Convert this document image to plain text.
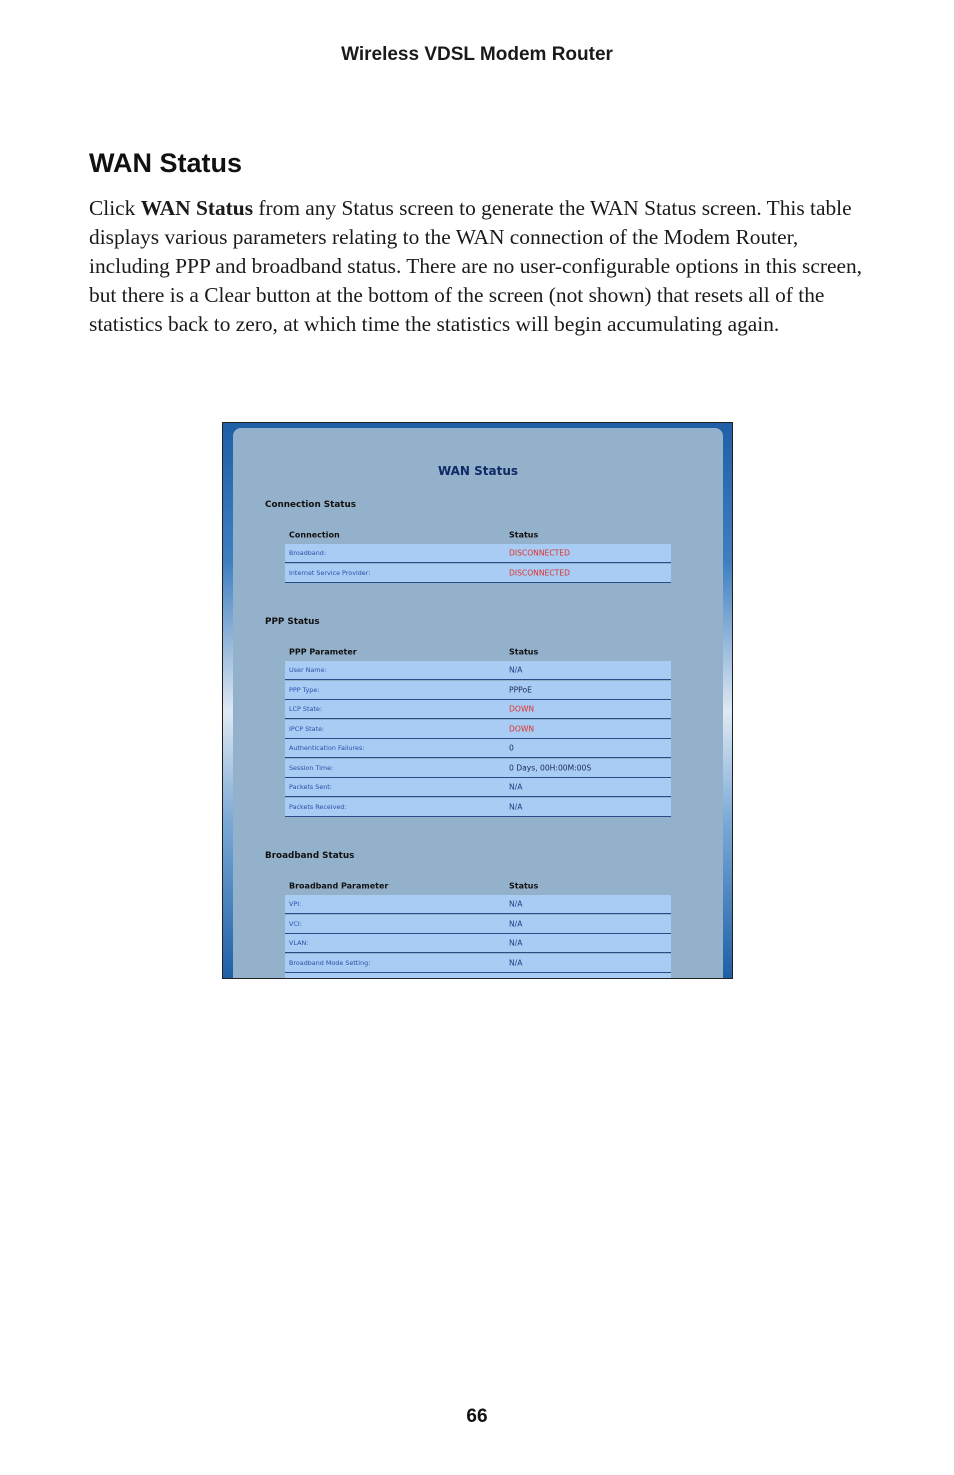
Wireless VDSL Modem Router
WAN Status

Click WAN Status from any Status screen to generate the WAN Status screen. This table displays various parameters relating to the WAN connection of the Modem Router, including PPP and broadband status. There are no user-configurable options in this screen, but there is a Clear button at the bottom of the screen (not shown) that resets all of the statistics back to zero, at which time the statistics will begin accumulating again.

WAN Status
Connection Status
Connection	Status
Broadband:	DISCONNECTED
Internet Service Provider:	DISCONNECTED
PPP Status
PPP Parameter	Status
User Name:	N/A
PPP Type:	PPPoE
LCP State:	DOWN
IPCP State:	DOWN
Authentication Failures:	0
Session Time:	0 Days, 00H:00M:00S
Packets Sent:	N/A
Packets Received:	N/A
Broadband Status
Broadband Parameter	Status
VPI:	N/A
VCI:	N/A
VLAN:	N/A
Broadband Mode Setting:	N/A
66
